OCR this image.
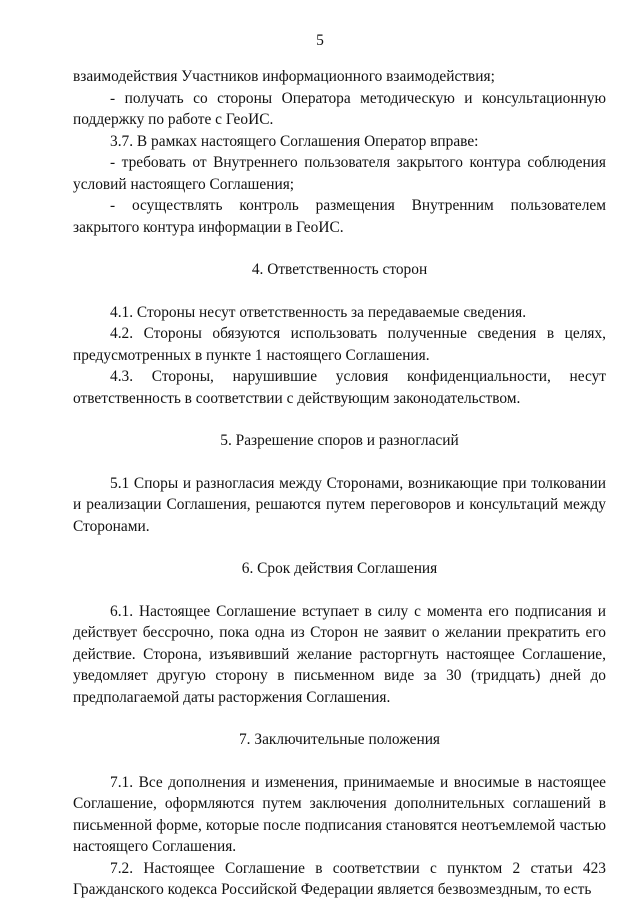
5

взаимодействия Участников информационного взаимодействия;

- получать со стороны Оператора методическую и консультационную поддержку по работе с ГеоИС.

3.7. В рамках настоящего Соглашения Оператор вправе:

- требовать от Внутреннего пользователя закрытого контура соблюдения условий настоящего Соглашения;

- осуществлять контроль размещения Внутренним пользователем закрытого контура информации в ГеоИС.

4. Ответственность сторон

4.1. Стороны несут ответственность за передаваемые сведения.

4.2. Стороны обязуются использовать полученные сведения в целях, предусмотренных в пункте 1 настоящего Соглашения.

4.3. Стороны, нарушившие условия конфиденциальности, несут ответственность в соответствии с действующим законодательством.

5. Разрешение споров и разногласий

5.1 Споры и разногласия между Сторонами, возникающие при толковании и реализации Соглашения, решаются путем переговоров и консультаций между Сторонами.

6. Срок действия Соглашения

6.1. Настоящее Соглашение вступает в силу с момента его подписания и действует бессрочно, пока одна из Сторон не заявит о желании прекратить его действие. Сторона, изъявивший желание расторгнуть настоящее Соглашение, уведомляет другую сторону в письменном виде за 30 (тридцать) дней до предполагаемой даты расторжения Соглашения.

7. Заключительные положения

7.1. Все дополнения и изменения, принимаемые и вносимые в настоящее Соглашение, оформляются путем заключения дополнительных соглашений в письменной форме, которые после подписания становятся неотъемлемой частью настоящего Соглашения.

7.2. Настоящее Соглашение в соответствии с пунктом 2 статьи 423 Гражданского кодекса Российской Федерации является безвозмездным, то есть
